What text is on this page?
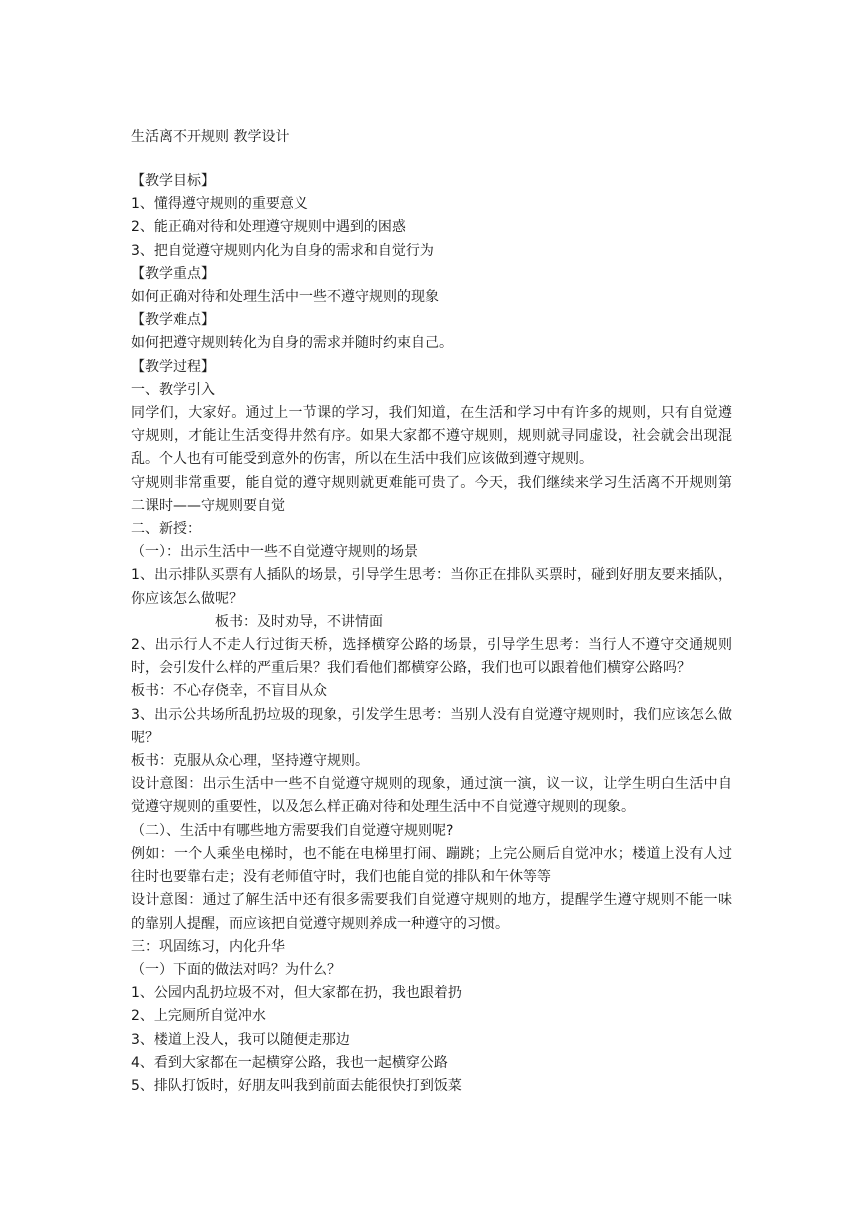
生活离不开规则 教学设计

【教学目标】

1、懂得遵守规则的重要意义

2、能正确对待和处理遵守规则中遇到的困惑

3、把自觉遵守规则内化为自身的需求和自觉行为

【教学重点】

如何正确对待和处理生活中一些不遵守规则的现象

【教学难点】

如何把遵守规则转化为自身的需求并随时约束自己。

【教学过程】

一、教学引入

同学们，大家好。通过上一节课的学习，我们知道，在生活和学习中有许多的规则，只有自觉遵守规则，才能让生活变得井然有序。如果大家都不遵守规则，规则就寻同虚设，社会就会出现混乱。个人也有可能受到意外的伤害，所以在生活中我们应该做到遵守规则。

守规则非常重要，能自觉的遵守规则就更难能可贵了。今天，我们继续来学习生活离不开规则第二课时——守规则要自觉

二、新授：

（一）：出示生活中一些不自觉遵守规则的场景

1、出示排队买票有人插队的场景，引导学生思考：当你正在排队买票时，碰到好朋友要来插队，你应该怎么做呢？

板书：及时劝导，不讲情面

2、出示行人不走人行过街天桥，选择横穿公路的场景，引导学生思考：当行人不遵守交通规则时，会引发什么样的严重后果？我们看他们都横穿公路，我们也可以跟着他们横穿公路吗？

板书：不心存侥幸，不盲目从众

3、出示公共场所乱扔垃圾的现象，引发学生思考：当别人没有自觉遵守规则时，我们应该怎么做呢？

板书：克服从众心理，坚持遵守规则。

设计意图：出示生活中一些不自觉遵守规则的现象，通过演一演，议一议，让学生明白生活中自觉遵守规则的重要性，以及怎么样正确对待和处理生活中不自觉遵守规则的现象。

（二）、生活中有哪些地方需要我们自觉遵守规则呢?

例如：一个人乘坐电梯时，也不能在电梯里打闹、蹦跳；上完公厕后自觉冲水；楼道上没有人过往时也要靠右走；没有老师值守时，我们也能自觉的排队和午休等等

设计意图：通过了解生活中还有很多需要我们自觉遵守规则的地方，提醒学生遵守规则不能一味的靠别人提醒，而应该把自觉遵守规则养成一种遵守的习惯。

三：巩固练习，内化升华

（一）下面的做法对吗？为什么？

1、公园内乱扔垃圾不对，但大家都在扔，我也跟着扔

2、上完厕所自觉冲水

3、楼道上没人，我可以随便走那边

4、看到大家都在一起横穿公路，我也一起横穿公路

5、排队打饭时，好朋友叫我到前面去能很快打到饭菜
